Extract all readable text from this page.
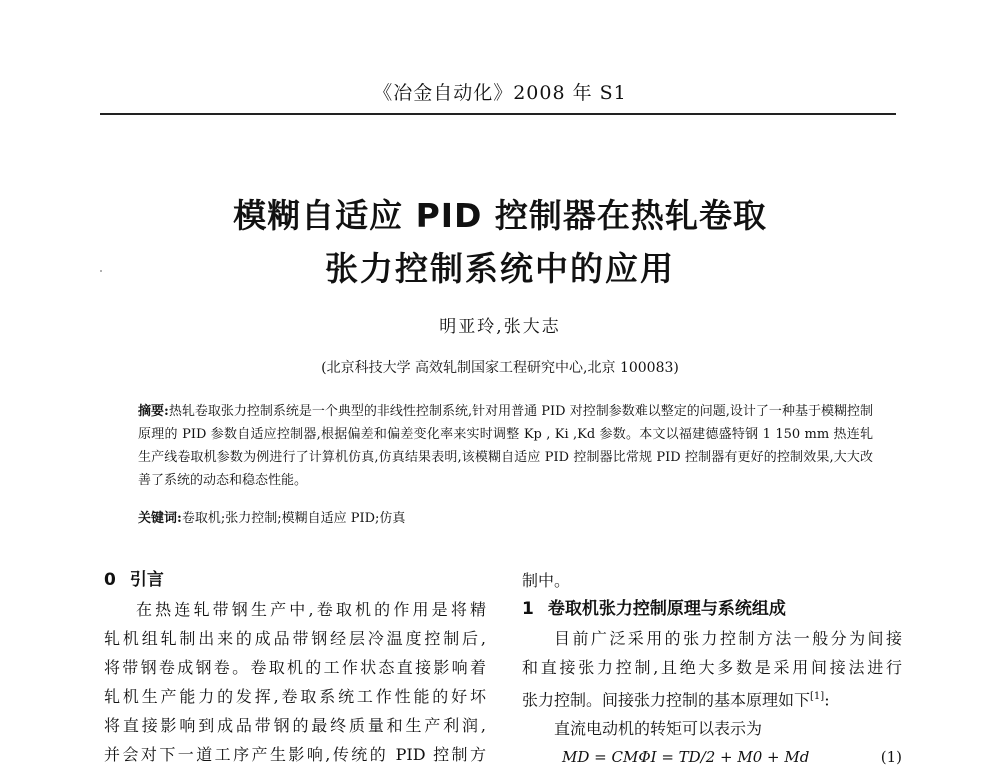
《冶金自动化》2008 年 S1
模糊自适应 PID 控制器在热轧卷取
张力控制系统中的应用
明亚玲,张大志
(北京科技大学 高效轧制国家工程研究中心,北京 100083)
摘要:热轧卷取张力控制系统是一个典型的非线性控制系统,针对用普通 PID 对控制参数难以整定的问题,设计了一种基于模糊控制原理的 PID 参数自适应控制器,根据偏差和偏差变化率来实时调整 Kp , Ki ,Kd 参数。本文以福建德盛特钢 1 150 mm 热连轧生产线卷取机参数为例进行了计算机仿真,仿真结果表明,该模糊自适应 PID 控制器比常规 PID 控制器有更好的控制效果,大大改善了系统的动态和稳态性能。
关键词:卷取机;张力控制;模糊自适应 PID;仿真
0 引言
在热连轧带钢生产中,卷取机的作用是将精
轧机组轧制出来的成品带钢经层冷温度控制后,
将带钢卷成钢卷。卷取机的工作状态直接影响着
轧机生产能力的发挥,卷取系统工作性能的好坏
将直接影响到成品带钢的最终质量和生产利润,
并会对下一道工序产生影响,传统的 PID 控制方
制中。
1 卷取机张力控制原理与系统组成
目前广泛采用的张力控制方法一般分为间接
和直接张力控制,且绝大多数是采用间接法进行
张力控制。间接张力控制的基本原理如下[1]:
直流电动机的转矩可以表示为
MD = CMΦI = TD/2 + M0 + Md	(1)
